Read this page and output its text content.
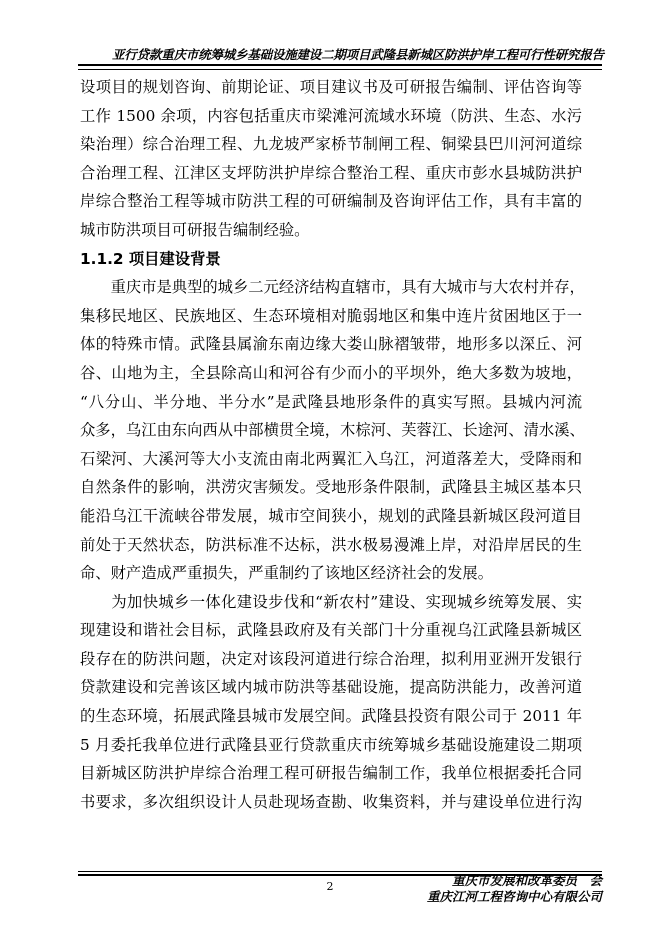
亚行贷款重庆市统筹城乡基础设施建设二期项目武隆县新城区防洪护岸工程可行性研究报告
设项目的规划咨询、前期论证、项目建议书及可研报告编制、评估咨询等
工作 1500 余项，内容包括重庆市梁滩河流域水环境（防洪、生态、水污
染治理）综合治理工程、九龙坡严家桥节制闸工程、铜梁县巴川河河道综
合治理工程、江津区支坪防洪护岸综合整治工程、重庆市彭水县城防洪护
岸综合整治工程等城市防洪工程的可研编制及咨询评估工作，具有丰富的
城市防洪项目可研报告编制经验。
1.1.2 项目建设背景
　　重庆市是典型的城乡二元经济结构直辖市，具有大城市与大农村并存，
集移民地区、民族地区、生态环境相对脆弱地区和集中连片贫困地区于一
体的特殊市情。武隆县属渝东南边缘大娄山脉褶皱带，地形多以深丘、河
谷、山地为主，全县除高山和河谷有少而小的平坝外，绝大多数为坡地，
“八分山、半分地、半分水”是武隆县地形条件的真实写照。县城内河流
众多，乌江由东向西从中部横贯全境，木棕河、芙蓉江、长途河、清水溪、
石梁河、大溪河等大小支流由南北两翼汇入乌江，河道落差大，受降雨和
自然条件的影响，洪涝灾害频发。受地形条件限制，武隆县主城区基本只
能沿乌江干流峡谷带发展，城市空间狭小，规划的武隆县新城区段河道目
前处于天然状态，防洪标准不达标，洪水极易漫滩上岸，对沿岸居民的生
命、财产造成严重损失，严重制约了该地区经济社会的发展。
　　为加快城乡一体化建设步伐和“新农村”建设、实现城乡统筹发展、实
现建设和谐社会目标，武隆县政府及有关部门十分重视乌江武隆县新城区
段存在的防洪问题，决定对该段河道进行综合治理，拟利用亚洲开发银行
贷款建设和完善该区域内城市防洪等基础设施，提高防洪能力，改善河道
的生态环境，拓展武隆县城市发展空间。武隆县投资有限公司于 2011 年
5 月委托我单位进行武隆县亚行贷款重庆市统筹城乡基础设施建设二期项
目新城区防洪护岸综合治理工程可研报告编制工作，我单位根据委托合同
书要求，多次组织设计人员赴现场查勘、收集资料，并与建设单位进行沟
2	重庆市发展和改革委员　会
重庆江河工程咨询中心有限公司
